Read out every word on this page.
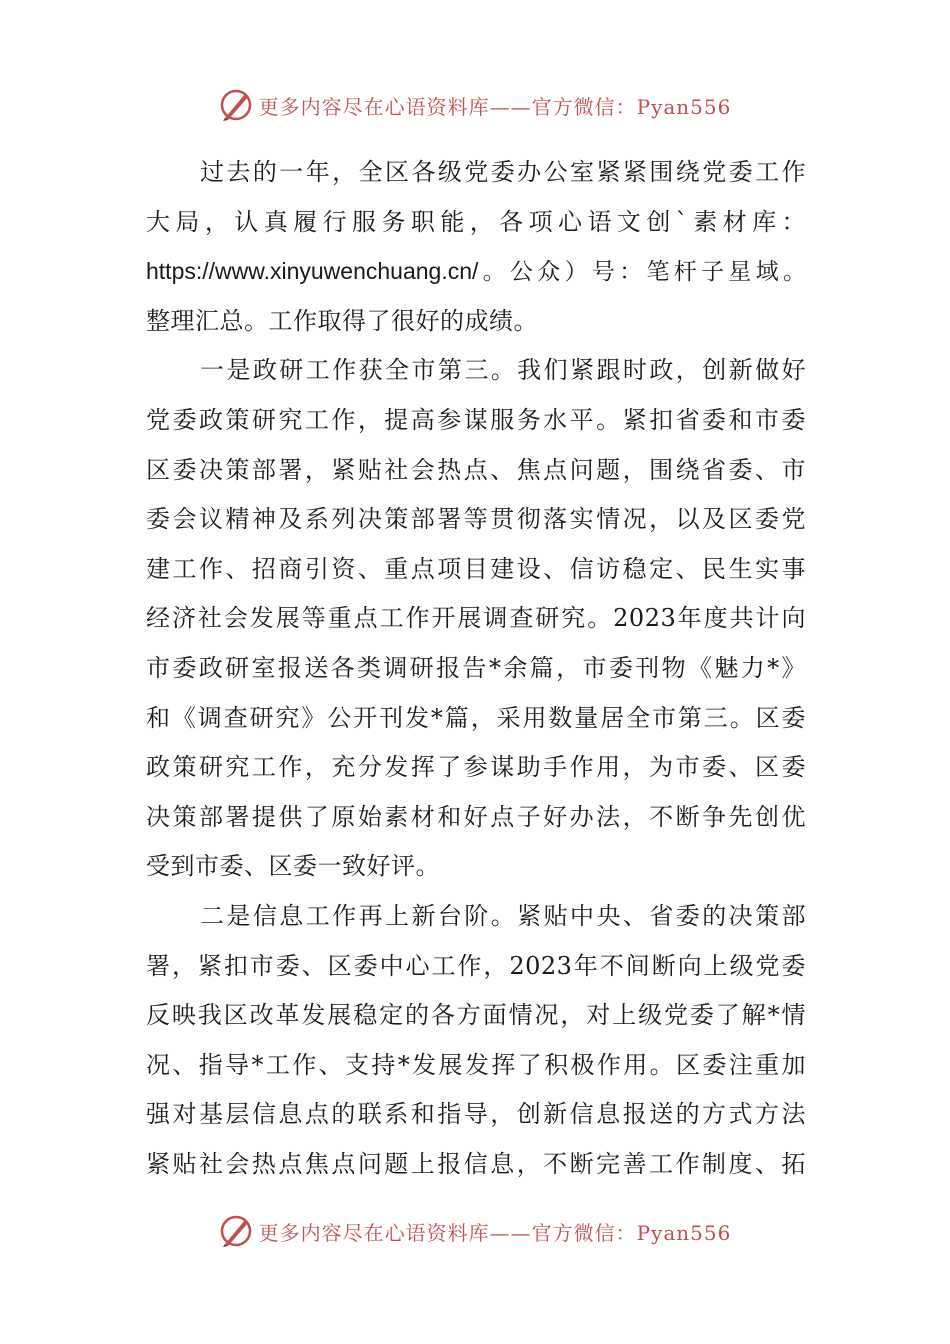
更多内容尽在心语资料库——官方微信：Pyan556
过去的一年，全区各级党委办公室紧紧围绕党委工作
大局，认真履行服务职能，各项心语文创`素材库：
https://www.xinyuwenchuang.cn/。公众）号：笔杆子星域。
整理汇总。工作取得了很好的成绩。
一是政研工作获全市第三。我们紧跟时政，创新做好
党委政策研究工作，提高参谋服务水平。紧扣省委和市委
区委决策部署，紧贴社会热点、焦点问题，围绕省委、市
委会议精神及系列决策部署等贯彻落实情况，以及区委党
建工作、招商引资、重点项目建设、信访稳定、民生实事
经济社会发展等重点工作开展调查研究。2023年度共计向
市委政研室报送各类调研报告*余篇，市委刊物《魅力*》
和《调查研究》公开刊发*篇，采用数量居全市第三。区委
政策研究工作，充分发挥了参谋助手作用，为市委、区委
决策部署提供了原始素材和好点子好办法，不断争先创优
受到市委、区委一致好评。
二是信息工作再上新台阶。紧贴中央、省委的决策部
署，紧扣市委、区委中心工作，2023年不间断向上级党委
反映我区改革发展稳定的各方面情况，对上级党委了解*情
况、指导*工作、支持*发展发挥了积极作用。区委注重加
强对基层信息点的联系和指导，创新信息报送的方式方法
紧贴社会热点焦点问题上报信息，不断完善工作制度、拓
更多内容尽在心语资料库——官方微信：Pyan556
